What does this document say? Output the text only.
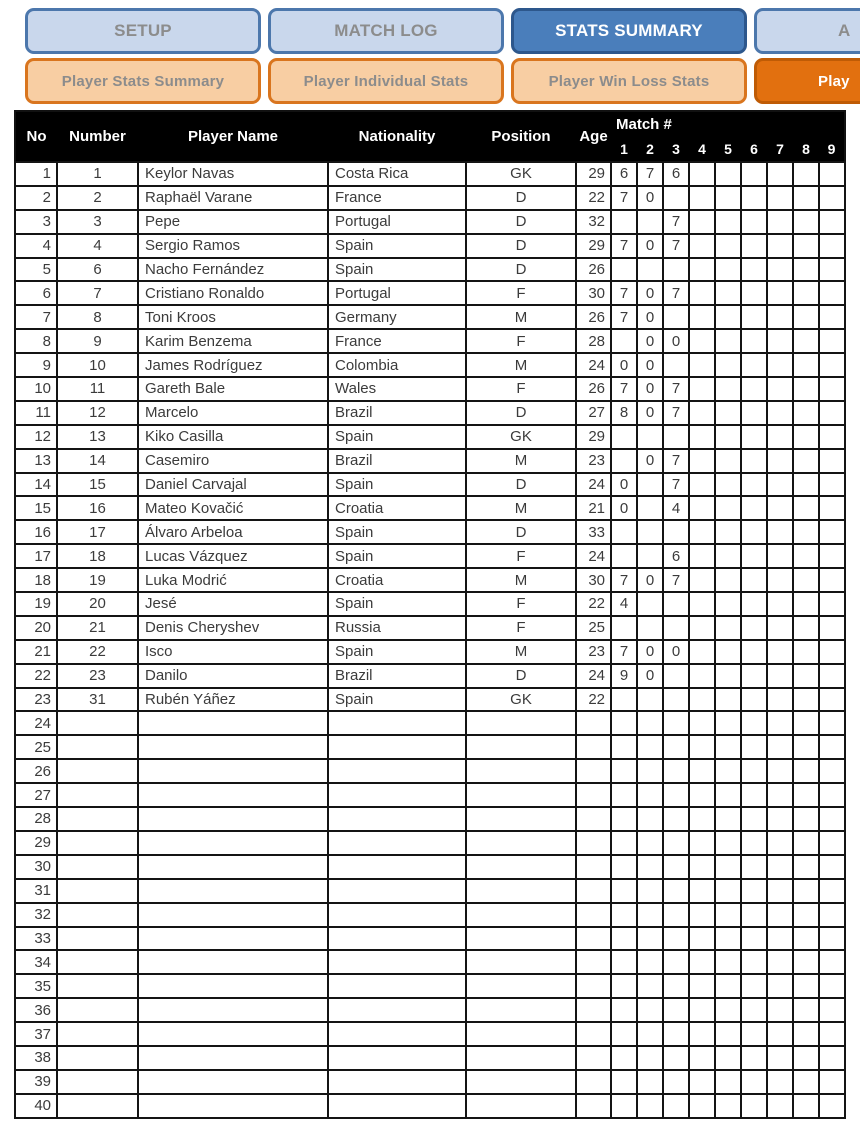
SETUP	MATCH LOG	STATS SUMMARY	A
Player Stats Summary	Player Individual Stats	Player Win Loss Stats	Play
No	Number	Player Name	Nationality	Position	Age	Match #								
						1	2	3	4	5	6	7	8	9
1	1	Keylor Navas	Costa Rica	GK	29	6	7	6						
2	2	Raphaël Varane	France	D	22	7	0							
3	3	Pepe	Portugal	D	32			7						
4	4	Sergio Ramos	Spain	D	29	7	0	7						
5	6	Nacho Fernández	Spain	D	26									
6	7	Cristiano Ronaldo	Portugal	F	30	7	0	7						
7	8	Toni Kroos	Germany	M	26	7	0							
8	9	Karim Benzema	France	F	28		0	0						
9	10	James Rodríguez	Colombia	M	24	0	0							
10	11	Gareth Bale	Wales	F	26	7	0	7						
11	12	Marcelo	Brazil	D	27	8	0	7						
12	13	Kiko Casilla	Spain	GK	29									
13	14	Casemiro	Brazil	M	23		0	7						
14	15	Daniel Carvajal	Spain	D	24	0		7						
15	16	Mateo Kovačić	Croatia	M	21	0		4						
16	17	Álvaro Arbeloa	Spain	D	33									
17	18	Lucas Vázquez	Spain	F	24			6						
18	19	Luka Modrić	Croatia	M	30	7	0	7						
19	20	Jesé	Spain	F	22	4								
20	21	Denis Cheryshev	Russia	F	25									
21	22	Isco	Spain	M	23	7	0	0						
22	23	Danilo	Brazil	D	24	9	0							
23	31	Rubén Yáñez	Spain	GK	22									
24														
25														
26														
27														
28														
29														
30														
31														
32														
33														
34														
35														
36														
37														
38														
39														
40														
